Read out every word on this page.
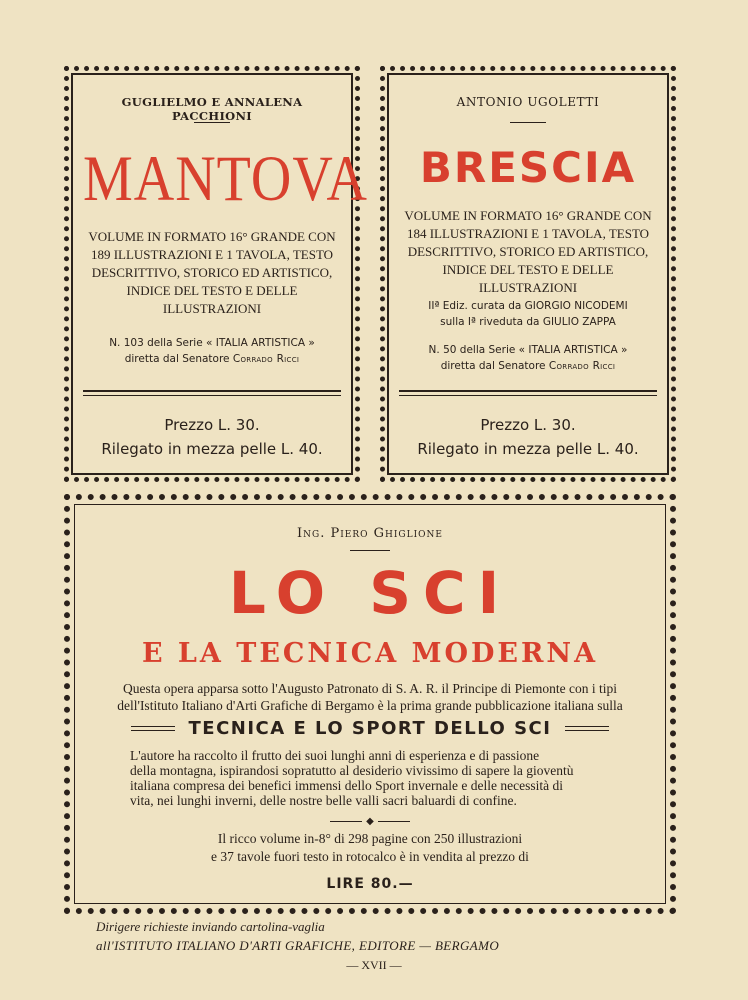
GUGLIELMO E ANNALENA PACCHIONI
MANTOVA
VOLUME IN FORMATO 16° GRANDE CON
189 ILLUSTRAZIONI E 1 TAVOLA, TESTO
DESCRITTIVO, STORICO ED ARTISTICO,
INDICE DEL TESTO E DELLE
ILLUSTRAZIONI
N. 103 della Serie « ITALIA ARTISTICA »
diretta dal Senatore Corrado Ricci
Prezzo L. 30.
Rilegato in mezza pelle L. 40.
ANTONIO UGOLETTI
BRESCIA
VOLUME IN FORMATO 16° GRANDE CON
184 ILLUSTRAZIONI E 1 TAVOLA, TESTO
DESCRITTIVO, STORICO ED ARTISTICO,
INDICE DEL TESTO E DELLE
ILLUSTRAZIONI
IIª Ediz. curata da GIORGIO NICODEMI
sulla Iª riveduta da GIULIO ZAPPA
N. 50 della Serie « ITALIA ARTISTICA »
diretta dal Senatore Corrado Ricci
Prezzo L. 30.
Rilegato in mezza pelle L. 40.
Ing. Piero Ghiglione
LO SCI
E LA TECNICA MODERNA
Questa opera apparsa sotto l'Augusto Patronato di S. A. R. il Principe di Piemonte con i tipi
dell'Istituto Italiano d'Arti Grafiche di Bergamo è la prima grande pubblicazione italiana sulla
TECNICA E LO SPORT DELLO SCI
L'autore ha raccolto il frutto dei suoi lunghi anni di esperienza e di passione
della montagna, ispirandosi sopratutto al desiderio vivissimo di sapere la gioventù
italiana compresa dei benefici immensi dello Sport invernale e delle necessità di
vita, nei lunghi inverni, delle nostre belle valli sacri baluardi di confine.
◆
Il ricco volume in-8° di 298 pagine con 250 illustrazioni
e 37 tavole fuori testo in rotocalco è in vendita al prezzo di
LIRE 80.—
Dirigere richieste inviando cartolina-vaglia
all'ISTITUTO ITALIANO D'ARTI GRAFICHE, EDITORE — BERGAMO
— XVII —
